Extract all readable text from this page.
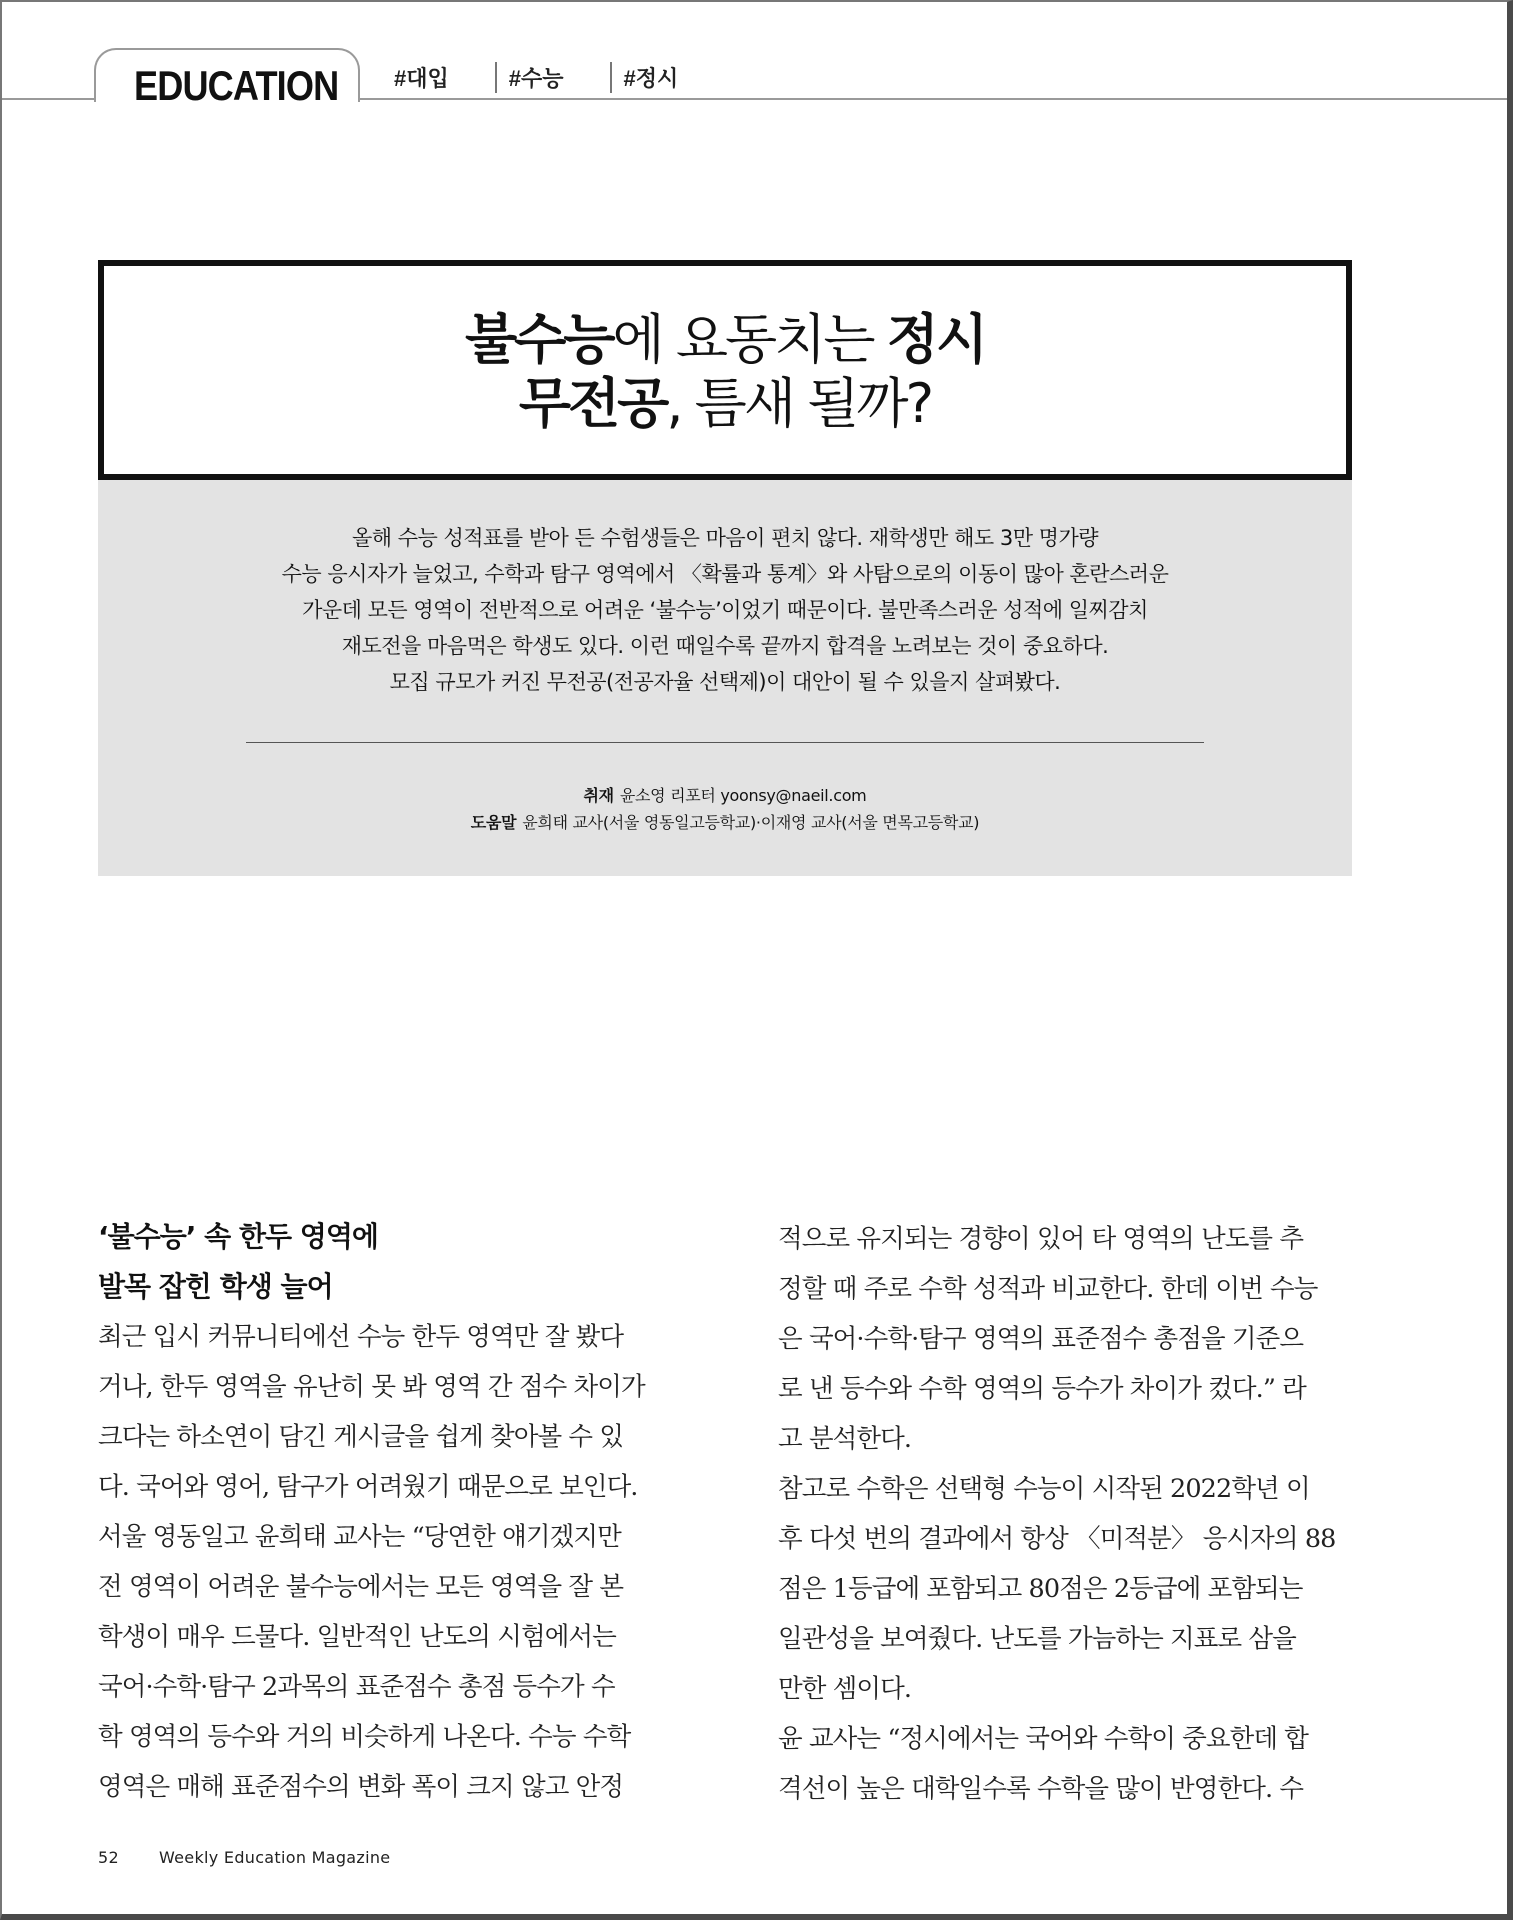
EDUCATION	#대입	#수능	#정시
불수능에 요동치는 정시
무전공, 틈새 될까?
올해 수능 성적표를 받아 든 수험생들은 마음이 편치 않다. 재학생만 해도 3만 명가량
수능 응시자가 늘었고, 수학과 탐구 영역에서 〈확률과 통계〉와 사탐으로의 이동이 많아 혼란스러운
가운데 모든 영역이 전반적으로 어려운 ‘불수능’이었기 때문이다. 불만족스러운 성적에 일찌감치
재도전을 마음먹은 학생도 있다. 이런 때일수록 끝까지 합격을 노려보는 것이 중요하다.
모집 규모가 커진 무전공(전공자율 선택제)이 대안이 될 수 있을지 살펴봤다.
취재 윤소영 리포터 yoonsy@naeil.com
도움말 윤희태 교사(서울 영동일고등학교)·이재영 교사(서울 면목고등학교)
‘불수능’ 속 한두 영역에
발목 잡힌 학생 늘어
최근 입시 커뮤니티에선 수능 한두 영역만 잘 봤다
거나, 한두 영역을 유난히 못 봐 영역 간 점수 차이가
크다는 하소연이 담긴 게시글을 쉽게 찾아볼 수 있
다. 국어와 영어, 탐구가 어려웠기 때문으로 보인다.
서울 영동일고 윤희태 교사는 “당연한 얘기겠지만
전 영역이 어려운 불수능에서는 모든 영역을 잘 본
학생이 매우 드물다. 일반적인 난도의 시험에서는
국어·수학·탐구 2과목의 표준점수 총점 등수가 수
학 영역의 등수와 거의 비슷하게 나온다. 수능 수학
영역은 매해 표준점수의 변화 폭이 크지 않고 안정
적으로 유지되는 경향이 있어 타 영역의 난도를 추
정할 때 주로 수학 성적과 비교한다. 한데 이번 수능
은 국어·수학·탐구 영역의 표준점수 총점을 기준으
로 낸 등수와 수학 영역의 등수가 차이가 컸다.” 라
고 분석한다.
참고로 수학은 선택형 수능이 시작된 2022학년 이
후 다섯 번의 결과에서 항상 〈미적분〉 응시자의 88
점은 1등급에 포함되고 80점은 2등급에 포함되는
일관성을 보여줬다. 난도를 가늠하는 지표로 삼을
만한 셈이다.
윤 교사는 “정시에서는 국어와 수학이 중요한데 합
격선이 높은 대학일수록 수학을 많이 반영한다. 수
52	Weekly Education Magazine
